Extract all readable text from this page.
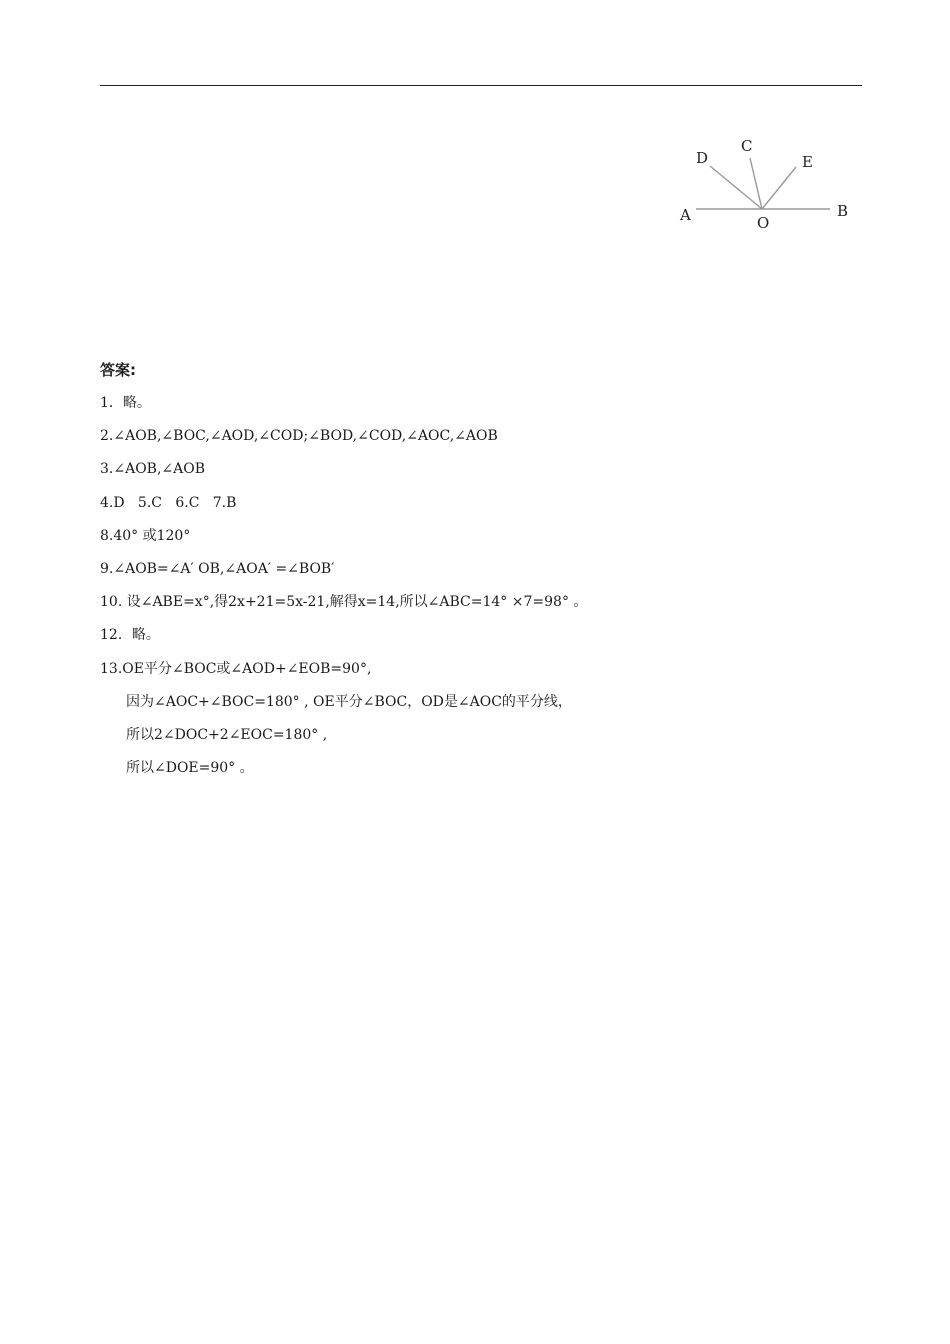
A	B
C
D	E
O
答案:
1．略。
2.∠AOB,∠BOC,∠AOD,∠COD;∠BOD,∠COD,∠AOC,∠AOB
3.∠AOB,∠AOB
4.D   5.C   6.C   7.B
8.40° 或120°
9.∠AOB=∠A′ OB,∠AOA′ =∠BOB′
10. 设∠ABE=x°,得2x+21=5x-21,解得x=14,所以∠ABC=14° ×7=98° 。
12．略。
13.OE平分∠BOC或∠AOD+∠EOB=90°,
因为∠AOC+∠BOC=180° , OE平分∠BOC，OD是∠AOC的平分线，
所以2∠DOC+2∠EOC=180° ,
所以∠DOE=90° 。
